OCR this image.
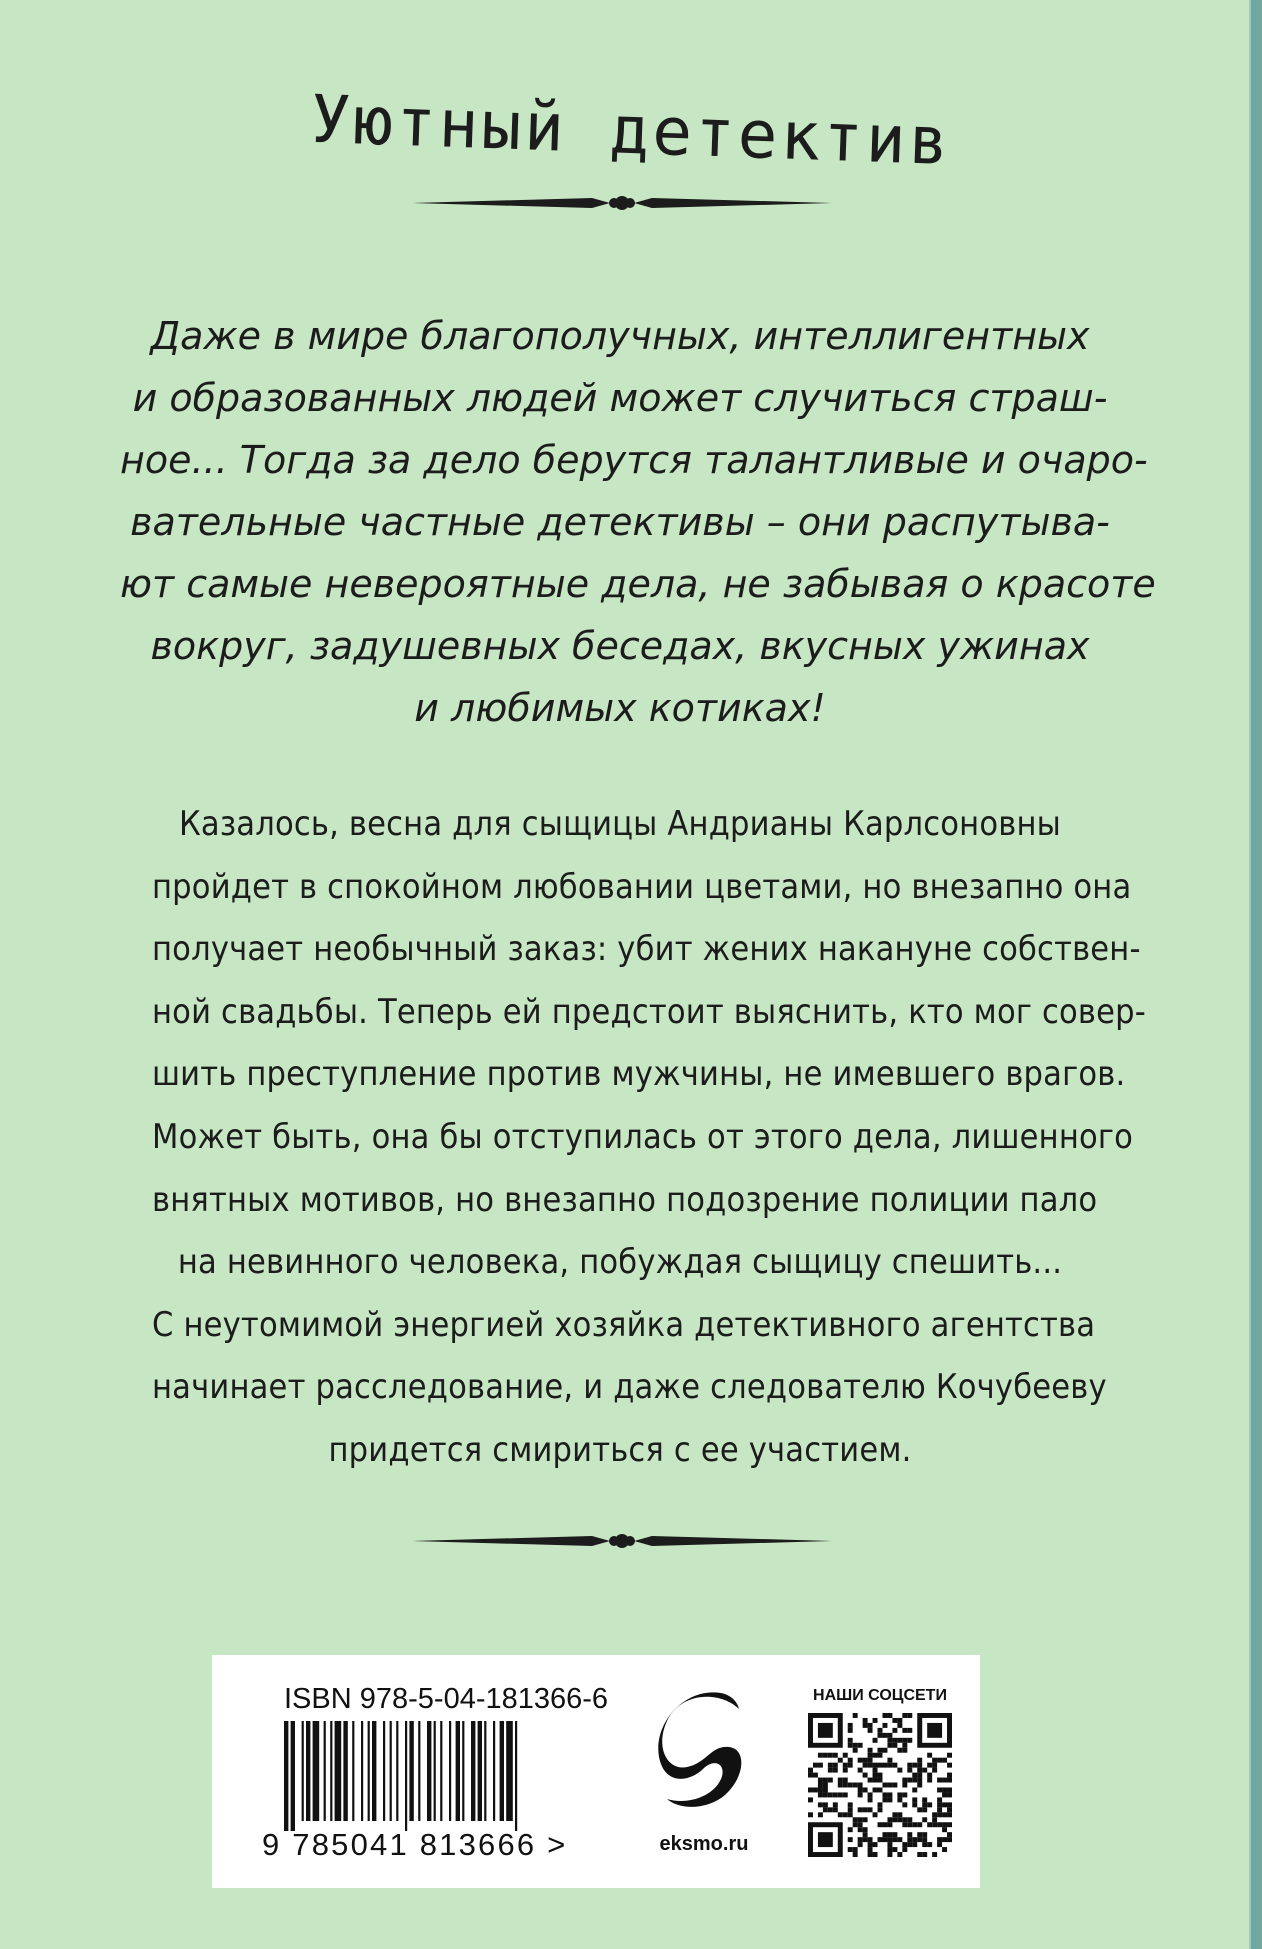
Уютный детектив
Даже в мире благополучных, интеллигентных
и образованных людей может случиться страш-
ное... Тогда за дело берутся талантливые и очаро-
вательные частные детективы – они распутыва-
ют самые невероятные дела, не забывая о красоте
вокруг, задушевных беседах, вкусных ужинах
и любимых котиках!
Казалось, весна для сыщицы Андрианы Карлсоновны
пройдет в спокойном любовании цветами, но внезапно она
получает необычный заказ: убит жених накануне собствен-
ной свадьбы. Теперь ей предстоит выяснить, кто мог совер-
шить преступление против мужчины, не имевшего врагов.
Может быть, она бы отступилась от этого дела, лишенного
внятных мотивов, но внезапно подозрение полиции пало
на невинного человека, побуждая сыщицу спешить...
С неутомимой энергией хозяйка детективного агентства
начинает расследование, и даже следователю Кочубееву
придется смириться с ее участием.
ISBN 978-5-04-181366-6
9 785041 813666 >	eksmo.ru
НАШИ СОЦСЕТИ
